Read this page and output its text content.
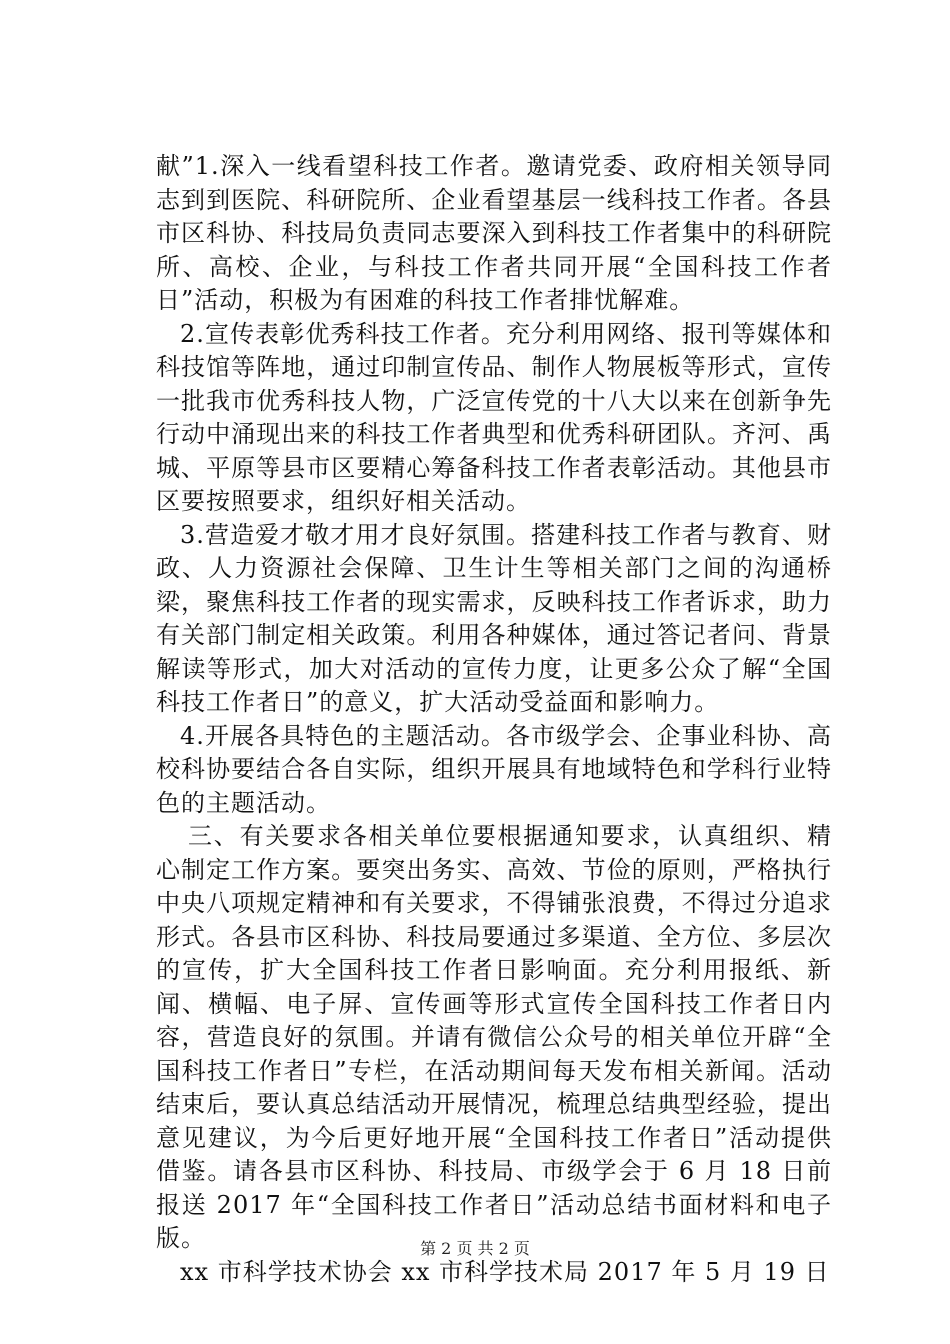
献”1.深入一线看望科技工作者。邀请党委、政府相关领导同志到到医院、科研院所、企业看望基层一线科技工作者。各县市区科协、科技局负责同志要深入到科技工作者集中的科研院所、高校、企业，与科技工作者共同开展“全国科技工作者日”活动，积极为有困难的科技工作者排忧解难。

2.宣传表彰优秀科技工作者。充分利用网络、报刊等媒体和科技馆等阵地，通过印制宣传品、制作人物展板等形式，宣传一批我市优秀科技人物，广泛宣传党的十八大以来在创新争先行动中涌现出来的科技工作者典型和优秀科研团队。齐河、禹城、平原等县市区要精心筹备科技工作者表彰活动。其他县市区要按照要求，组织好相关活动。

3.营造爱才敬才用才良好氛围。搭建科技工作者与教育、财政、人力资源社会保障、卫生计生等相关部门之间的沟通桥梁，聚焦科技工作者的现实需求，反映科技工作者诉求，助力有关部门制定相关政策。利用各种媒体，通过答记者问、背景解读等形式，加大对活动的宣传力度，让更多公众了解“全国科技工作者日”的意义，扩大活动受益面和影响力。

4.开展各具特色的主题活动。各市级学会、企事业科协、高校科协要结合各自实际，组织开展具有地域特色和学科行业特色的主题活动。

三、有关要求各相关单位要根据通知要求，认真组织、精心制定工作方案。要突出务实、高效、节俭的原则，严格执行中央八项规定精神和有关要求，不得铺张浪费，不得过分追求形式。各县市区科协、科技局要通过多渠道、全方位、多层次的宣传，扩大全国科技工作者日影响面。充分利用报纸、新闻、横幅、电子屏、宣传画等形式宣传全国科技工作者日内容，营造良好的氛围。并请有微信公众号的相关单位开辟“全国科技工作者日”专栏，在活动期间每天发布相关新闻。活动结束后，要认真总结活动开展情况，梳理总结典型经验，提出意见建议，为今后更好地开展“全国科技工作者日”活动提供借鉴。请各县市区科协、科技局、市级学会于 6 月 18 日前报送 2017 年“全国科技工作者日”活动总结书面材料和电子版。

xx 市科学技术协会 xx 市科学技术局 2017 年 5 月 19 日

第 2 页 共 2 页
